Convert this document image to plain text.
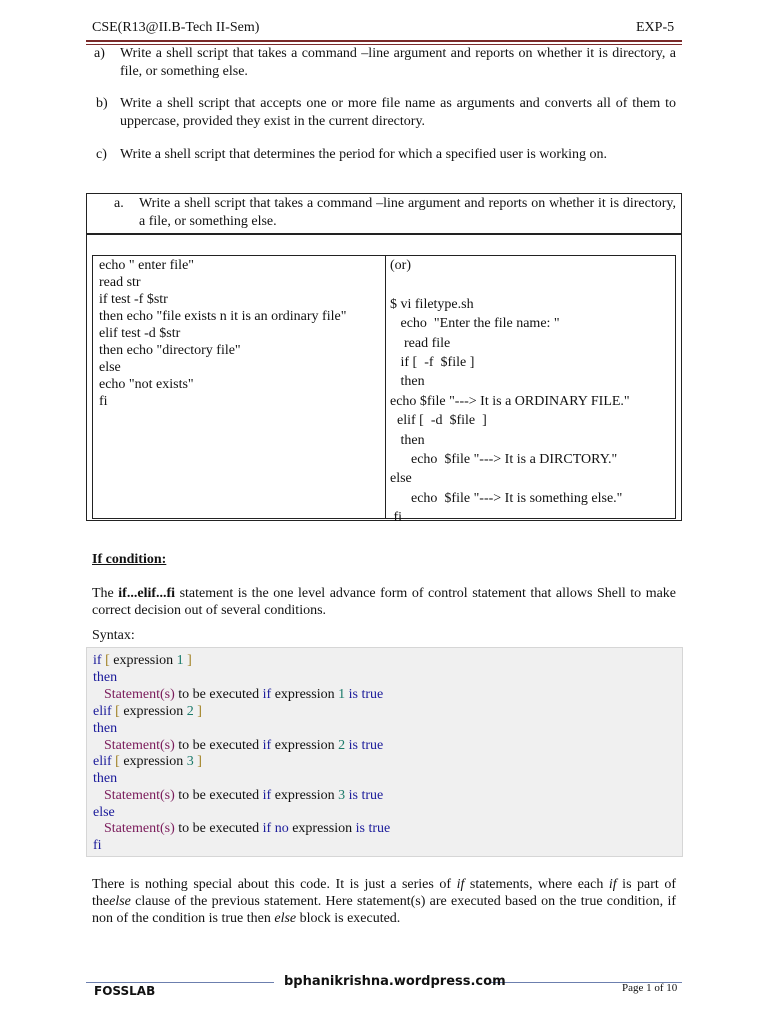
CSE(R13@II.B-Tech II-Sem)	EXP-5
a)	Write a shell script that takes a command –line argument and reports on whether it is directory, a file, or something else.
b) Write a shell script that accepts one or more file name as arguments and converts all of them to uppercase, provided they exist in the current directory.
c) Write a shell script that determines the period for which a specified user is working on.
a.	Write a shell script that takes a command –line argument and reports on whether it is directory, a file, or something else.
echo " enter file"
read str
if test -f $str
then echo "file exists n it is an ordinary file"
elif test -d $str
then echo "directory file"
else
echo "not exists"
fi
(or)

$ vi filetype.sh
echo  "Enter the file name: "
read file
if [  -f  $file ]
then
echo $file "---> It is a ORDINARY FILE."
elif [  -d  $file  ]
then
echo  $file "---> It is a DIRCTORY."
else
echo  $file "---> It is something else."
fi
If condition:
The if...elif...fi statement is the one level advance form of control statement that allows Shell to make correct decision out of several conditions.
Syntax:
if [ expression 1 ]
then
Statement(s) to be executed if expression 1 is true
elif [ expression 2 ]
then
Statement(s) to be executed if expression 2 is true
elif [ expression 3 ]
then
Statement(s) to be executed if expression 3 is true
else
Statement(s) to be executed if no expression is true
fi
There is nothing special about this code. It is just a series of if statements, where each if is part of theelse clause of the previous statement. Here statement(s) are executed based on the true condition, if non of the condition is true then else block is executed.
bphanikrishna.wordpress.com
FOSSLAB	Page 1 of 10
